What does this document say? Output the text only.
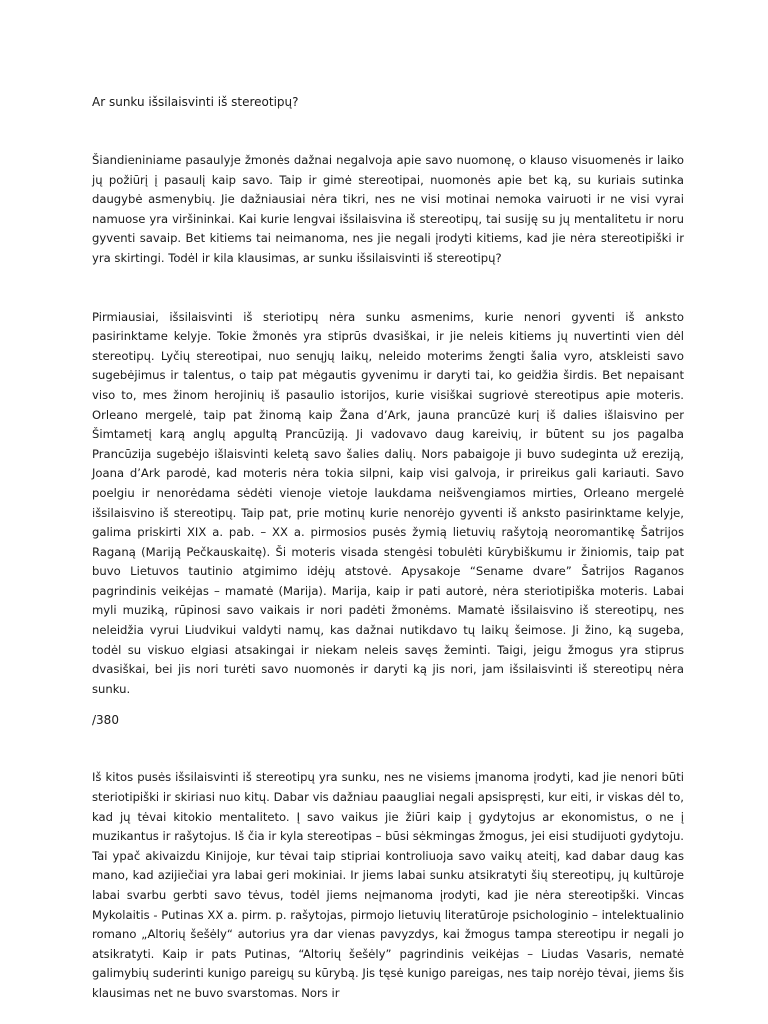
Ar sunku išsilaisvinti iš stereotipų?

Šiandieniniame pasaulyje žmonės dažnai negalvoja apie savo nuomonę, o klauso visuomenės ir laiko jų požiūrį į pasaulį kaip savo. Taip ir gimė stereotipai, nuomonės apie bet ką, su kuriais sutinka daugybė asmenybių. Jie dažniausiai nėra tikri, nes ne visi motinai nemoka vairuoti ir ne visi vyrai namuose yra viršininkai. Kai kurie lengvai išsilaisvina iš stereotipų, tai susiję su jų mentalitetu ir noru gyventi savaip. Bet kitiems tai neimanoma, nes jie negali įrodyti kitiems, kad jie nėra stereotipiški ir yra skirtingi. Todėl ir kila klausimas, ar sunku išsilaisvinti iš stereotipų?

Pirmiausiai, išsilaisvinti iš steriotipų nėra sunku asmenims, kurie nenori gyventi iš anksto pasirinktame kelyje. Tokie žmonės yra stiprūs dvasiškai, ir jie neleis kitiems jų nuvertinti vien dėl stereotipų. Lyčių stereotipai, nuo senųjų laikų, neleido moterims žengti šalia vyro, atskleisti savo sugebėjimus ir talentus, o taip pat mėgautis gyvenimu ir daryti tai, ko geidžia širdis. Bet nepaisant viso to, mes žinom herojinių iš pasaulio istorijos, kurie visiškai sugriovė stereotipus apie moteris. Orleano mergelė, taip pat žinomą kaip Žana d’Ark, jauna prancūzė kurį iš dalies išlaisvino per Šimtametį karą anglų apgultą Prancūziją. Ji vadovavo daug kareivių, ir būtent su jos pagalba Prancūzija sugebėjo išlaisvinti keletą savo šalies dalių. Nors pabaigoje ji buvo sudeginta už ereziją, Joana d’Ark parodė, kad moteris nėra tokia silpni, kaip visi galvoja, ir prireikus gali kariauti. Savo poelgiu ir nenorėdama sėdėti vienoje vietoje laukdama neišvengiamos mirties, Orleano mergelė išsilaisvino iš stereotipų. Taip pat, prie motinų kurie nenorėjo gyventi iš anksto pasirinktame kelyje, galima priskirti XIX a. pab. – XX a. pirmosios pusės žymią lietuvių rašytoją neoromantikę Šatrijos Raganą (Mariją Pečkauskaitę). Ši moteris visada stengėsi tobulėti kūrybiškumu ir žiniomis, taip pat buvo Lietuvos tautinio atgimimo idėjų atstovė. Apysakoje “Sename dvare” Šatrijos Raganos pagrindinis veikėjas – mamatė (Marija). Marija, kaip ir pati autorė, nėra steriotipiška moteris. Labai myli muziką, rūpinosi savo vaikais ir nori padėti žmonėms. Mamatė išsilaisvino iš stereotipų, nes neleidžia vyrui Liudvikui valdyti namų, kas dažnai nutikdavo tų laikų šeimose. Ji žino, ką sugeba, todėl su viskuo elgiasi atsakingai ir niekam neleis savęs žeminti. Taigi, jeigu žmogus yra stiprus dvasiškai, bei jis nori turėti savo nuomonės ir daryti ką jis nori, jam išsilaisvinti iš stereotipų nėra sunku.

/380

Iš kitos pusės išsilaisvinti iš stereotipų yra sunku, nes ne visiems įmanoma įrodyti, kad jie nenori būti steriotipiški ir skiriasi nuo kitų. Dabar vis dažniau paaugliai negali apsispręsti, kur eiti, ir viskas dėl to, kad jų tėvai kitokio mentaliteto. Į savo vaikus jie žiūri kaip į gydytojus ar ekonomistus, o ne į muzikantus ir rašytojus. Iš čia ir kyla stereotipas – būsi sėkmingas žmogus, jei eisi studijuoti gydytoju. Tai ypač akivaizdu Kinijoje, kur tėvai taip stipriai kontroliuoja savo vaikų ateitį, kad dabar daug kas mano, kad azijiečiai yra labai geri mokiniai. Ir jiems labai sunku atsikratyti šių stereotipų, jų kultūroje labai svarbu gerbti savo tėvus, todėl jiems neįmanoma įrodyti, kad jie nėra stereotipški. Vincas Mykolaitis - Putinas XX a. pirm. p. rašytojas, pirmojo lietuvių literatūroje psichologinio – intelektualinio romano „Altorių šešėly“ autorius yra dar vienas pavyzdys, kai žmogus tampa stereotipu ir negali jo atsikratyti. Kaip ir pats Putinas, “Altorių šešėly” pagrindinis veikėjas – Liudas Vasaris, nematė galimybių suderinti kunigo pareigų su kūrybą. Jis tęsė kunigo pareigas, nes taip norėjo tėvai, jiems šis klausimas net ne buvo svarstomas. Nors ir
